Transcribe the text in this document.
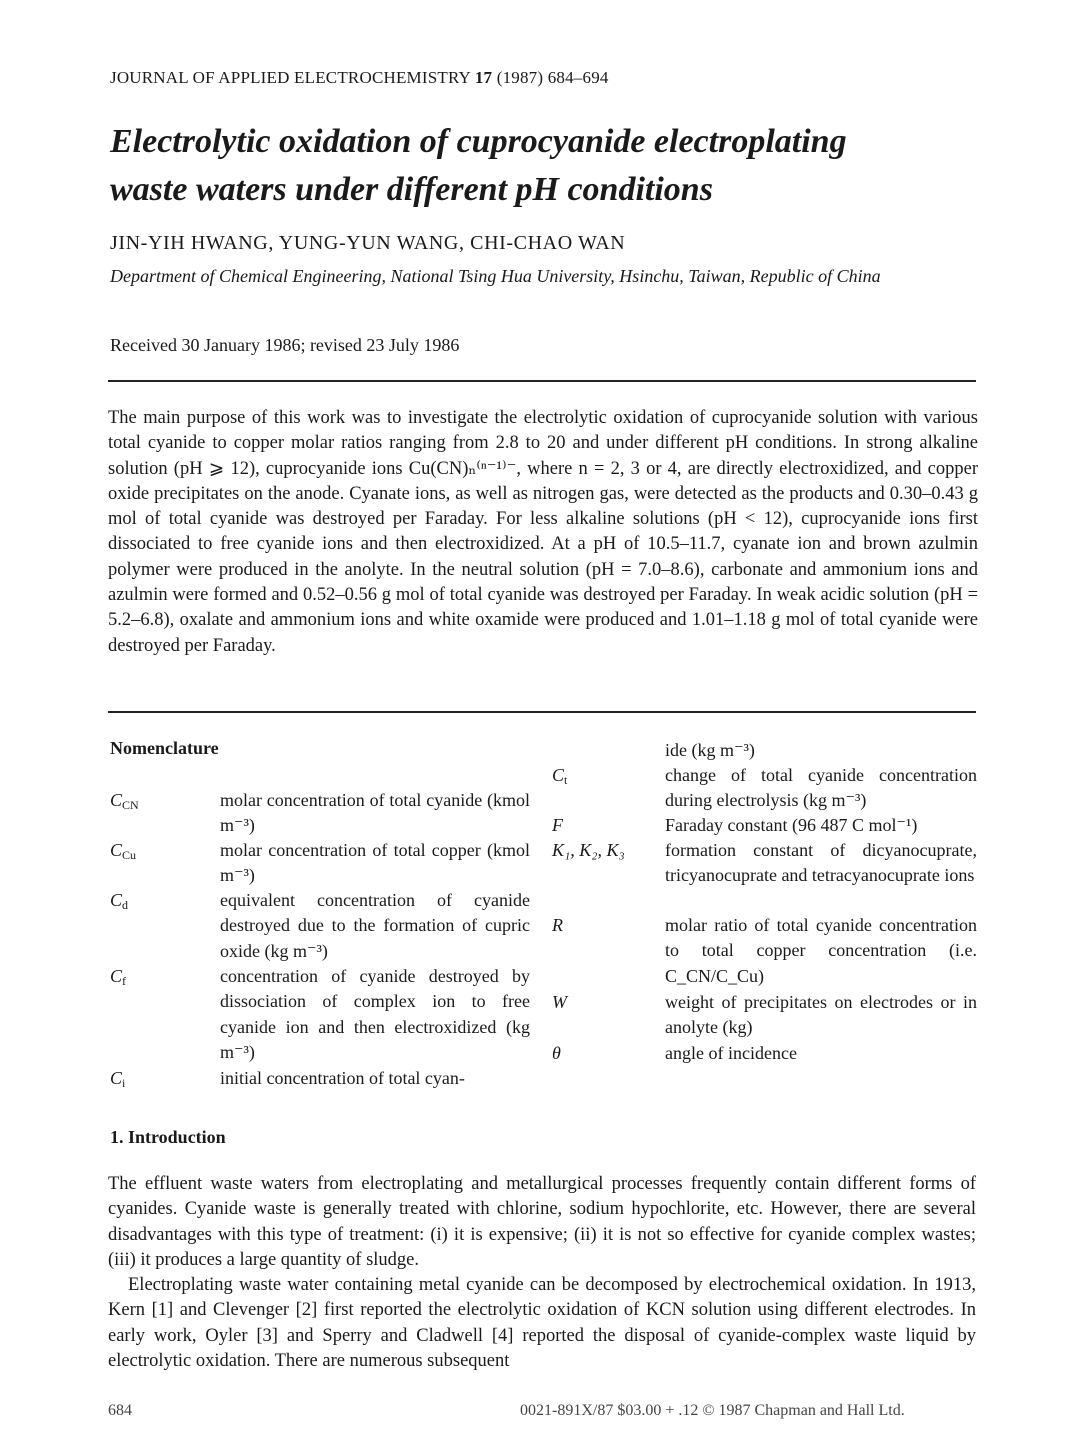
JOURNAL OF APPLIED ELECTROCHEMISTRY 17 (1987) 684–694
Electrolytic oxidation of cuprocyanide electroplating
waste waters under different pH conditions
JIN-YIH HWANG, YUNG-YUN WANG, CHI-CHAO WAN
Department of Chemical Engineering, National Tsing Hua University, Hsinchu, Taiwan, Republic of China
Received 30 January 1986; revised 23 July 1986

The main purpose of this work was to investigate the electrolytic oxidation of cuprocyanide solution with various total cyanide to copper molar ratios ranging from 2.8 to 20 and under different pH conditions. In strong alkaline solution (pH ⩾ 12), cuprocyanide ions Cu(CN)ₙ⁽ⁿ⁻¹⁾⁻, where n = 2, 3 or 4, are directly electroxidized, and copper oxide precipitates on the anode. Cyanate ions, as well as nitrogen gas, were detected as the products and 0.30–0.43 g mol of total cyanide was destroyed per Faraday. For less alkaline solutions (pH < 12), cuprocyanide ions first dissociated to free cyanide ions and then electroxidized. At a pH of 10.5–11.7, cyanate ion and brown azulmin polymer were produced in the anolyte. In the neutral solution (pH = 7.0–8.6), carbonate and ammonium ions and azulmin were formed and 0.52–0.56 g mol of total cyanide was destroyed per Faraday. In weak acidic solution (pH = 5.2–6.8), oxalate and ammonium ions and white oxamide were produced and 1.01–1.18 g mol of total cyanide were destroyed per Faraday.

Nomenclature
$C_{CN}$	molar concentration of total cyanide (kmol m⁻³)
$C_{Cu}$	molar concentration of total copper (kmol m⁻³)
$C_d$	equivalent concentration of cyanide destroyed due to the formation of cupric oxide (kg m⁻³)
$C_f$	concentration of cyanide destroyed by dissociation of complex ion to free cyanide ion and then electroxidized (kg m⁻³)
$C_i$	initial concentration of total cyan-
ide (kg m⁻³)
$C_t$	change of total cyanide concentration during electrolysis (kg m⁻³)
F	Faraday constant (96 487 C mol⁻¹)
K₁, K₂, K₃ formation constant of dicyanocuprate, tricyanocuprate and tetracyanocuprate ions
R	molar ratio of total cyanide concentration to total copper concentration (i.e. C_CN/C_Cu)
W	weight of precipitates on electrodes or in anolyte (kg)
θ	angle of incidence
1. Introduction

The effluent waste waters from electroplating and metallurgical processes frequently contain different forms of cyanides. Cyanide waste is generally treated with chlorine, sodium hypochlorite, etc. However, there are several disadvantages with this type of treatment: (i) it is expensive; (ii) it is not so effective for cyanide complex wastes; (iii) it produces a large quantity of sludge.

Electroplating waste water containing metal cyanide can be decomposed by electrochemical oxidation. In 1913, Kern [1] and Clevenger [2] first reported the electrolytic oxidation of KCN solution using different electrodes. In early work, Oyler [3] and Sperry and Cladwell [4] reported the disposal of cyanide-complex waste liquid by electrolytic oxidation. There are numerous subsequent

684	0021-891X/87 $03.00 + .12 © 1987 Chapman and Hall Ltd.
